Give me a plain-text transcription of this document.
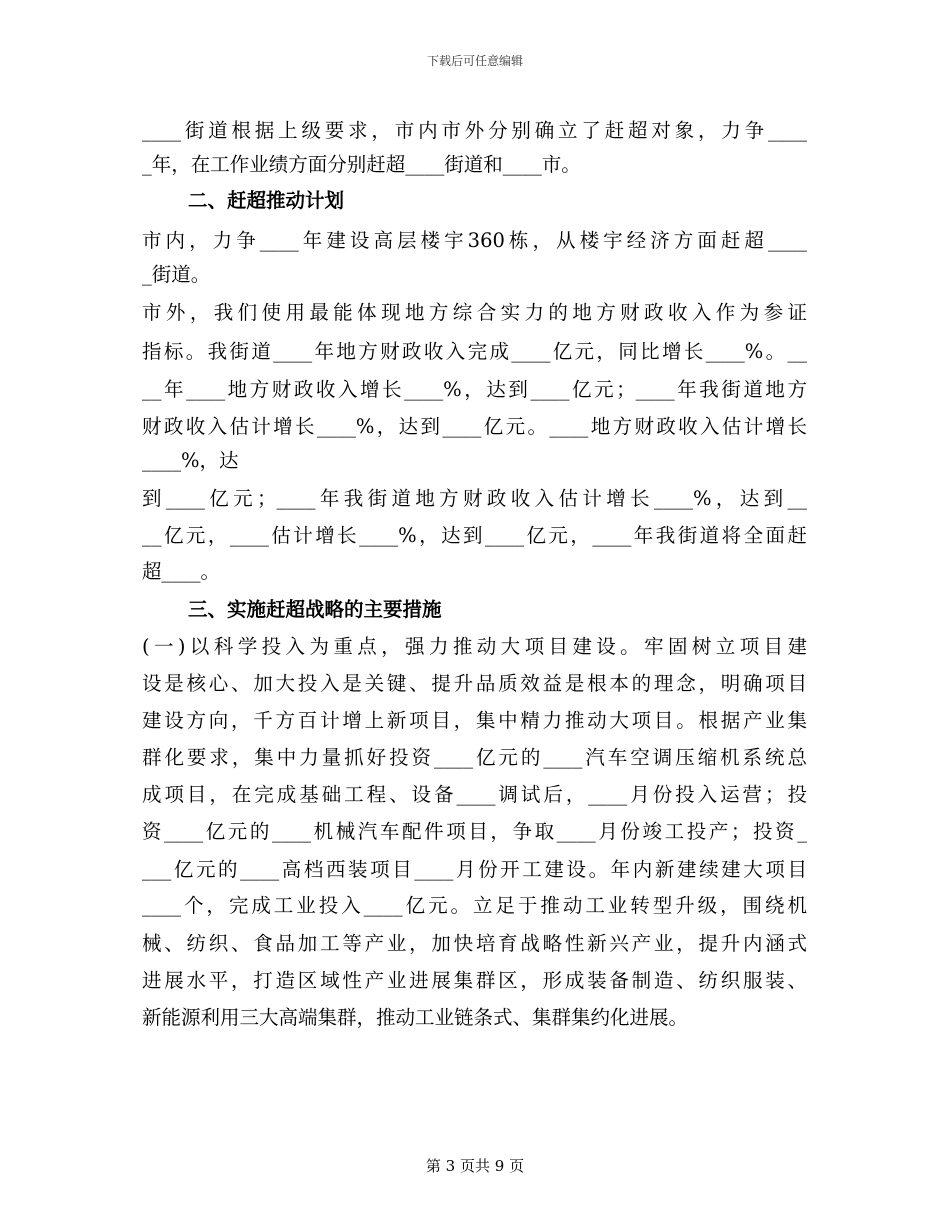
下载后可任意编辑
____街道根据上级要求，市内市外分别确立了赶超对象，力争____
_年，在工作业绩方面分别赶超____街道和____市。
二、赶超推动计划
市内，力争____年建设高层楼宇360栋，从楼宇经济方面赶超____
_街道。
市外，我们使用最能体现地方综合实力的地方财政收入作为参证
指标。我街道____年地方财政收入完成____亿元，同比增长____%。__
__年____地方财政收入增长____%，达到____亿元；____年我街道地方
财政收入估计增长____%，达到____亿元。____地方财政收入估计增长
____%，达
到____亿元；____年我街道地方财政收入估计增长____%，达到__
__亿元，____估计增长____%，达到____亿元，____年我街道将全面赶
超____。
三、实施赶超战略的主要措施
(一)以科学投入为重点，强力推动大项目建设。牢固树立项目建
设是核心、加大投入是关键、提升品质效益是根本的理念，明确项目
建设方向，千方百计增上新项目，集中精力推动大项目。根据产业集
群化要求，集中力量抓好投资____亿元的____汽车空调压缩机系统总
成项目，在完成基础工程、设备____调试后，____月份投入运营；投
资____亿元的____机械汽车配件项目，争取____月份竣工投产；投资_
___亿元的____高档西装项目____月份开工建设。年内新建续建大项目
____个，完成工业投入____亿元。立足于推动工业转型升级，围绕机
械、纺织、食品加工等产业，加快培育战略性新兴产业，提升内涵式
进展水平，打造区域性产业进展集群区，形成装备制造、纺织服装、
新能源利用三大高端集群，推动工业链条式、集群集约化进展。
第 3 页共 9 页
